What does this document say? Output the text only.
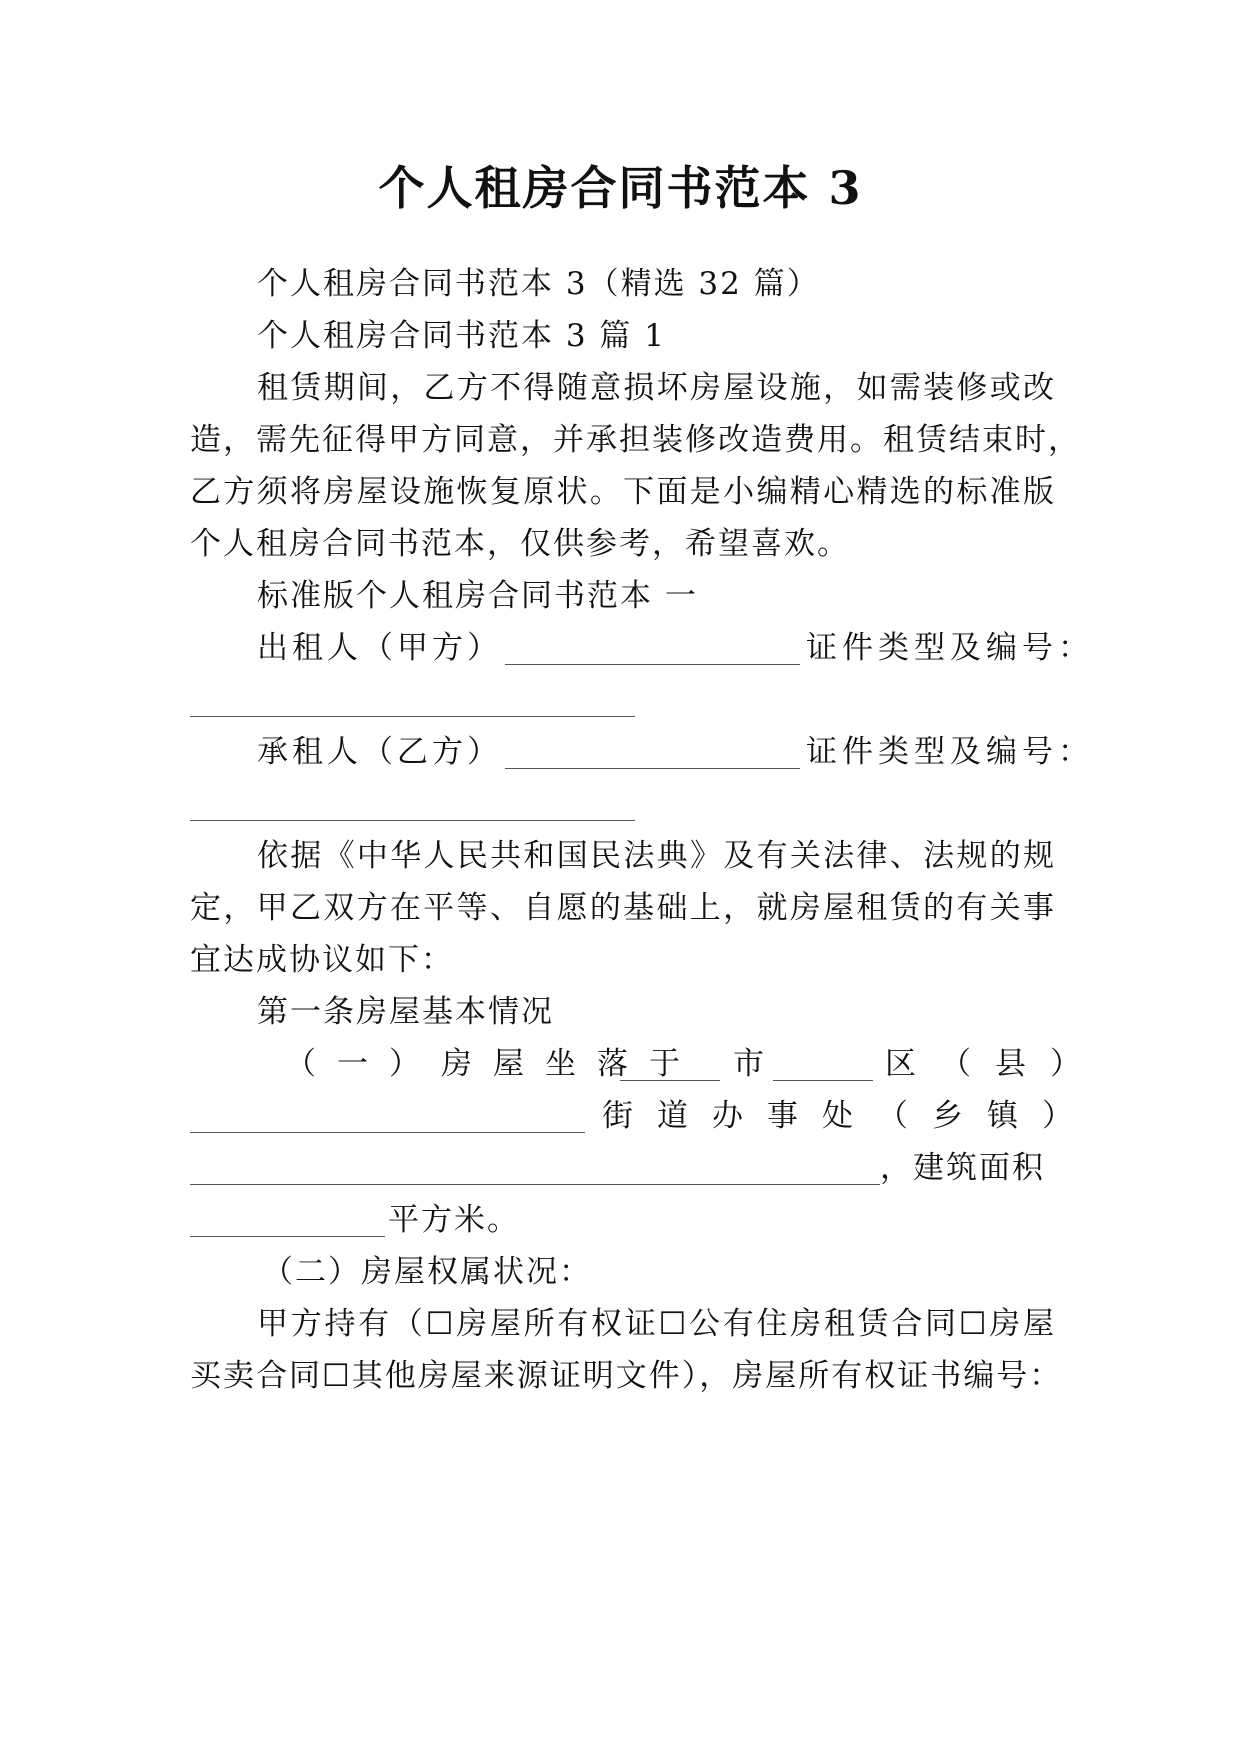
个人租房合同书范本 3
个人租房合同书范本 3（精选 32 篇）
个人租房合同书范本 3 篇 1
租赁期间，乙方不得随意损坏房屋设施，如需装修或改
造，需先征得甲方同意，并承担装修改造费用。租赁结束时，
乙方须将房屋设施恢复原状。下面是小编精心精选的标准版
个人租房合同书范本，仅供参考，希望喜欢。
标准版个人租房合同书范本 一
出租人（甲方）	证件类型及编号：
承租人（乙方）	证件类型及编号：
依据《中华人民共和国民法典》及有关法律、法规的规
定，甲乙双方在平等、自愿的基础上，就房屋租赁的有关事
宜达成协议如下：
第一条房屋基本情况
（一）房屋坐落于 市	区（县）
街道办事处（乡镇）
，建筑面积
平方米。
（二）房屋权属状况：
甲方持有（☐房屋所有权证☐公有住房租赁合同☐房屋
买卖合同☐其他房屋来源证明文件），房屋所有权证书编号：
